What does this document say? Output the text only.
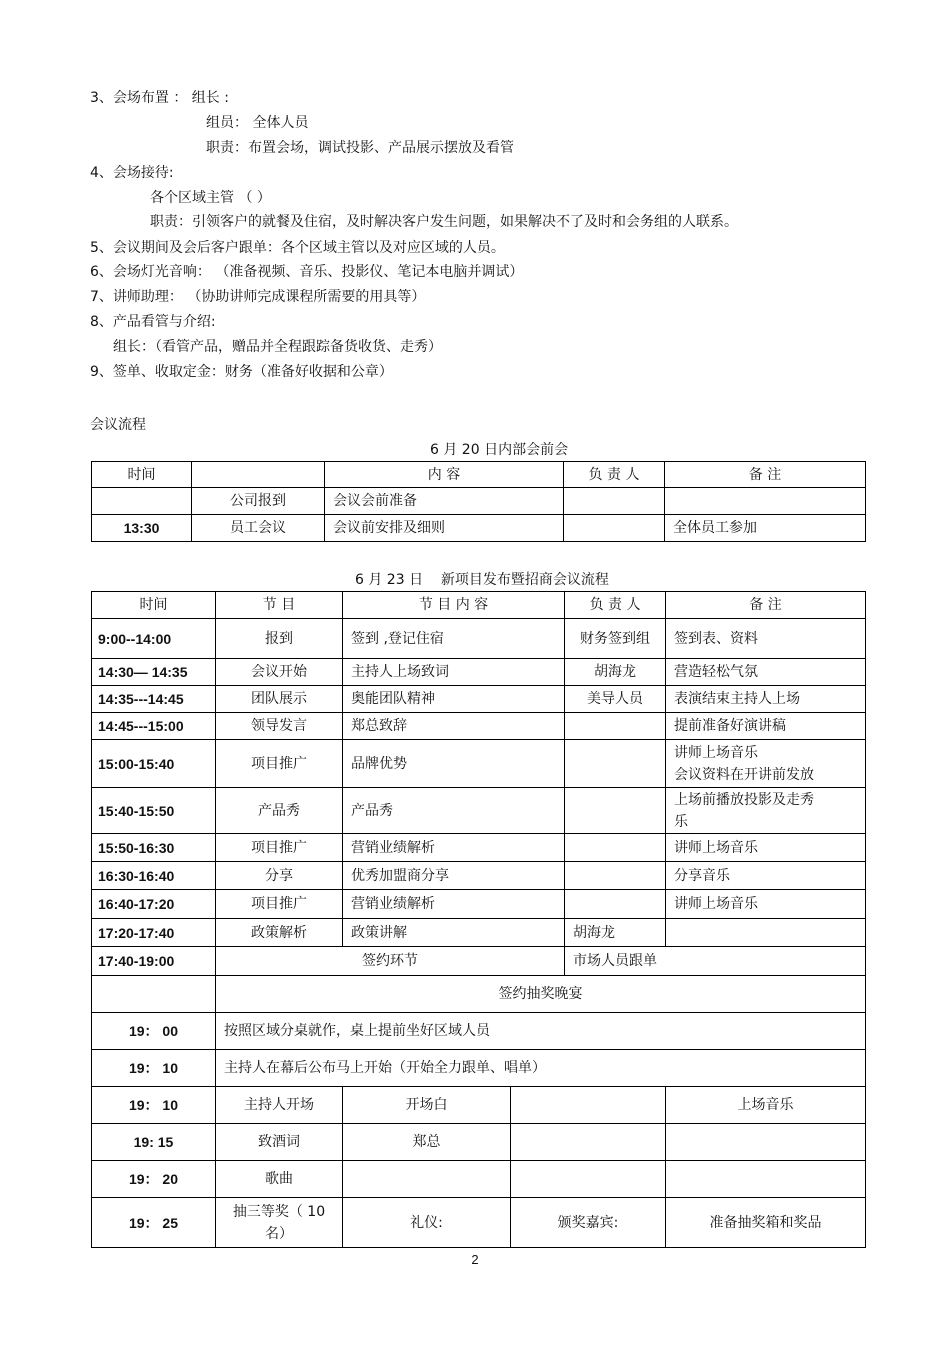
3、会场布置 ： 组长 :
组员： 全体人员
职责：布置会场，调试投影、产品展示摆放及看管
4、会场接待:
各个区域主管 （ ）
职责：引领客户的就餐及住宿，及时解决客户发生问题，如果解决不了及时和会务组的人联系。
5、会议期间及会后客户跟单：各个区域主管以及对应区域的人员。
6、会场灯光音响： （准备视频、音乐、投影仪、笔记本电脑并调试）
7、讲师助理： （协助讲师完成课程所需要的用具等）
8、产品看管与介绍:
组长：（看管产品，赠品并全程跟踪备货收货、走秀）
9、签单、收取定金：财务（准备好收据和公章）
会议流程
6 月 20 日内部会前会
时间		内 容	负 责 人	备 注
	公司报到	会议会前准备		
13:30	员工会议	会议前安排及细则		全体员工参加
6 月 23 日    新项目发布暨招商会议流程
时间	节 目	节 目 内 容		负 责 人	备 注
9:00--14:00	报到	签到 ,登记住宿		财务签到组	签到表、资料
14:30— 14:35	会议开始	主持人上场致词		胡海龙	营造轻松气氛
14:35---14:45	团队展示	奥能团队精神		美导人员	表演结束主持人上场
14:45---15:00	领导发言	郑总致辞			提前准备好演讲稿
15:00-15:40	项目推广	品牌优势			讲师上场音乐
会议资料在开讲前发放

15:40-15:50	产品秀	产品秀			上场前播放投影及走秀
乐

15:50-16:30	项目推广	营销业绩解析			讲师上场音乐
16:30-16:40	分享	优秀加盟商分享			分享音乐
16:40-17:20	项目推广	营销业绩解析			讲师上场音乐
17:20-17:40	政策解析	政策讲解		胡海龙	
17:40-19:00	签约环节			市场人员跟单	
	签约抽奖晚宴				
19： 00	按照区域分桌就作，桌上提前坐好区域人员				
19： 10	主持人在幕后公布马上开始（开始全力跟单、唱单）				
19： 10	主持人开场	开场白			上场音乐
19: 15	致酒词	郑总			
19： 20	歌曲				
19： 25	抽三等奖（ 10
名）	礼仪:	颁奖嘉宾:		准备抽奖箱和奖品
2
